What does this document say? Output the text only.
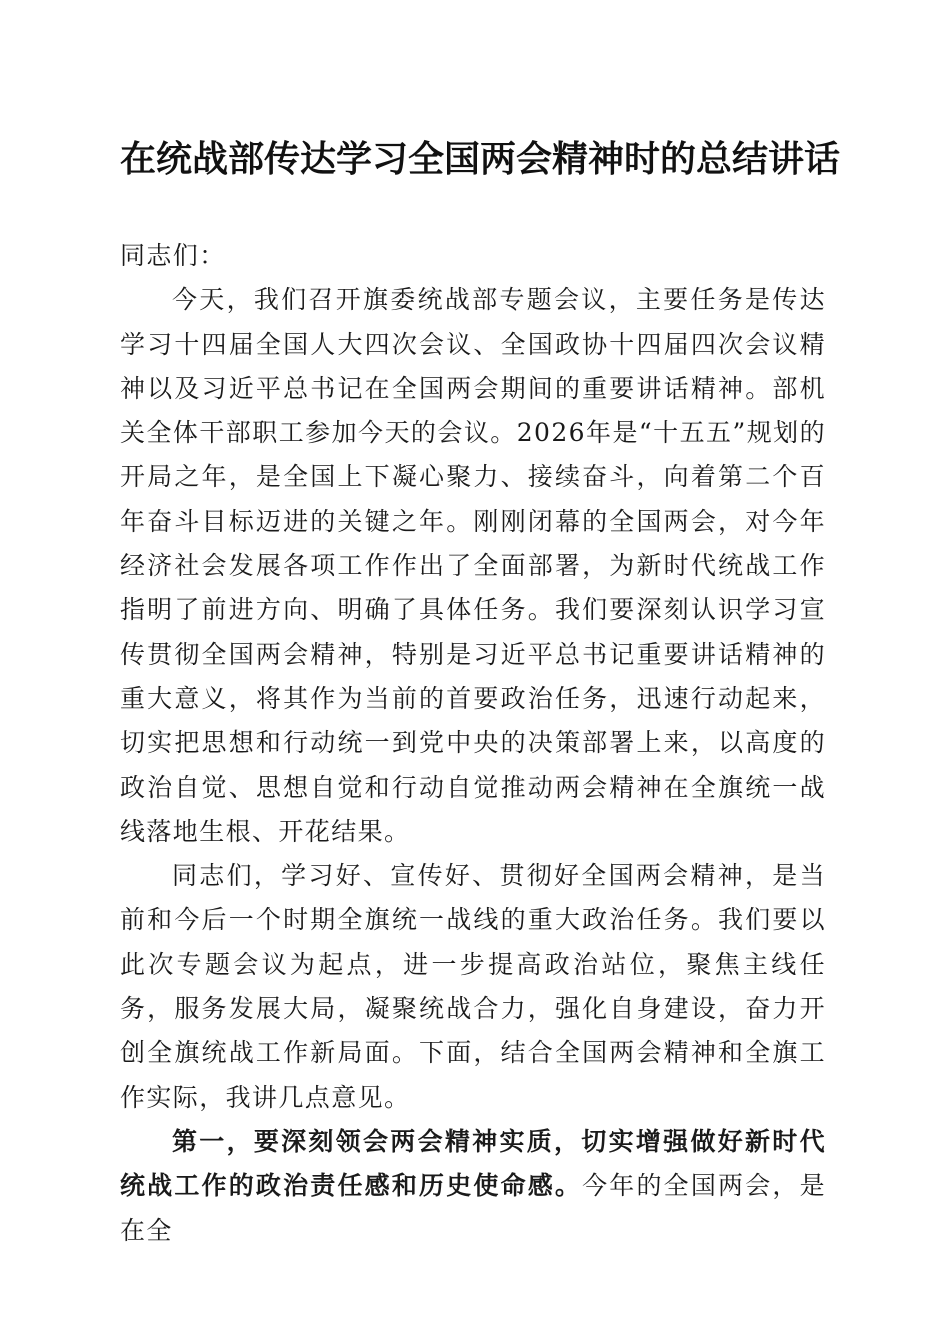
在统战部传达学习全国两会精神时的总结讲话

同志们：

今天，我们召开旗委统战部专题会议，主要任务是传达学习十四届全国人大四次会议、全国政协十四届四次会议精神以及习近平总书记在全国两会期间的重要讲话精神。部机关全体干部职工参加今天的会议。2026年是“十五五”规划的开局之年，是全国上下凝心聚力、接续奋斗，向着第二个百年奋斗目标迈进的关键之年。刚刚闭幕的全国两会，对今年经济社会发展各项工作作出了全面部署，为新时代统战工作指明了前进方向、明确了具体任务。我们要深刻认识学习宣传贯彻全国两会精神，特别是习近平总书记重要讲话精神的重大意义，将其作为当前的首要政治任务，迅速行动起来，切实把思想和行动统一到党中央的决策部署上来，以高度的政治自觉、思想自觉和行动自觉推动两会精神在全旗统一战线落地生根、开花结果。

同志们，学习好、宣传好、贯彻好全国两会精神，是当前和今后一个时期全旗统一战线的重大政治任务。我们要以此次专题会议为起点，进一步提高政治站位，聚焦主线任务，服务发展大局，凝聚统战合力，强化自身建设，奋力开创全旗统战工作新局面。下面，结合全国两会精神和全旗工作实际，我讲几点意见。

第一，要深刻领会两会精神实质，切实增强做好新时代统战工作的政治责任感和历史使命感。今年的全国两会，是在全
